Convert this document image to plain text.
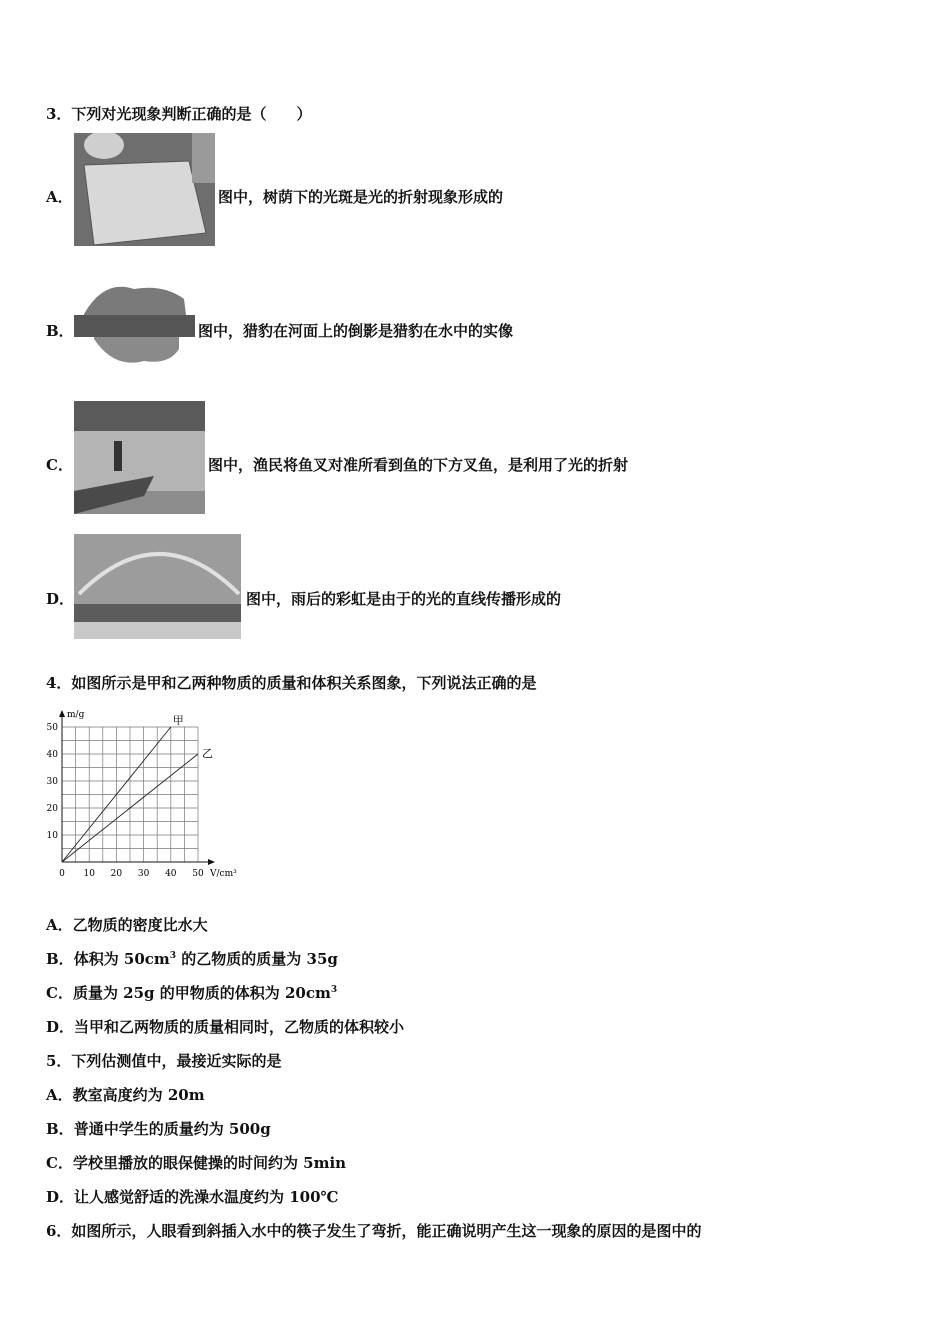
3．下列对光现象判断正确的是（　　）
A．	图中，树荫下的光斑是光的折射现象形成的
B．	图中，猎豹在河面上的倒影是猎豹在水中的实像
C．	图中，渔民将鱼叉对准所看到鱼的下方叉鱼，是利用了光的折射
D．	图中，雨后的彩虹是由于的光的直线传播形成的
4．如图所示是甲和乙两种物质的质量和体积关系图象，下列说法正确的是
m/g
V/cm³
甲
乙
0 10 20 30 40 50
10
20
30
40
50
A．乙物质的密度比水大
B．体积为 $50cm^3$ 的乙物质的质量为 35g
C．质量为 25g 的甲物质的体积为 $20cm^3$
D．当甲和乙两物质的质量相同时，乙物质的体积较小
5．下列估测值中，最接近实际的是
A．教室高度约为 20m
B．普通中学生的质量约为 500g
C．学校里播放的眼保健操的时间约为 5min
D．让人感觉舒适的洗澡水温度约为 100℃
6．如图所示，人眼看到斜插入水中的筷子发生了弯折，能正确说明产生这一现象的原因的是图中的
